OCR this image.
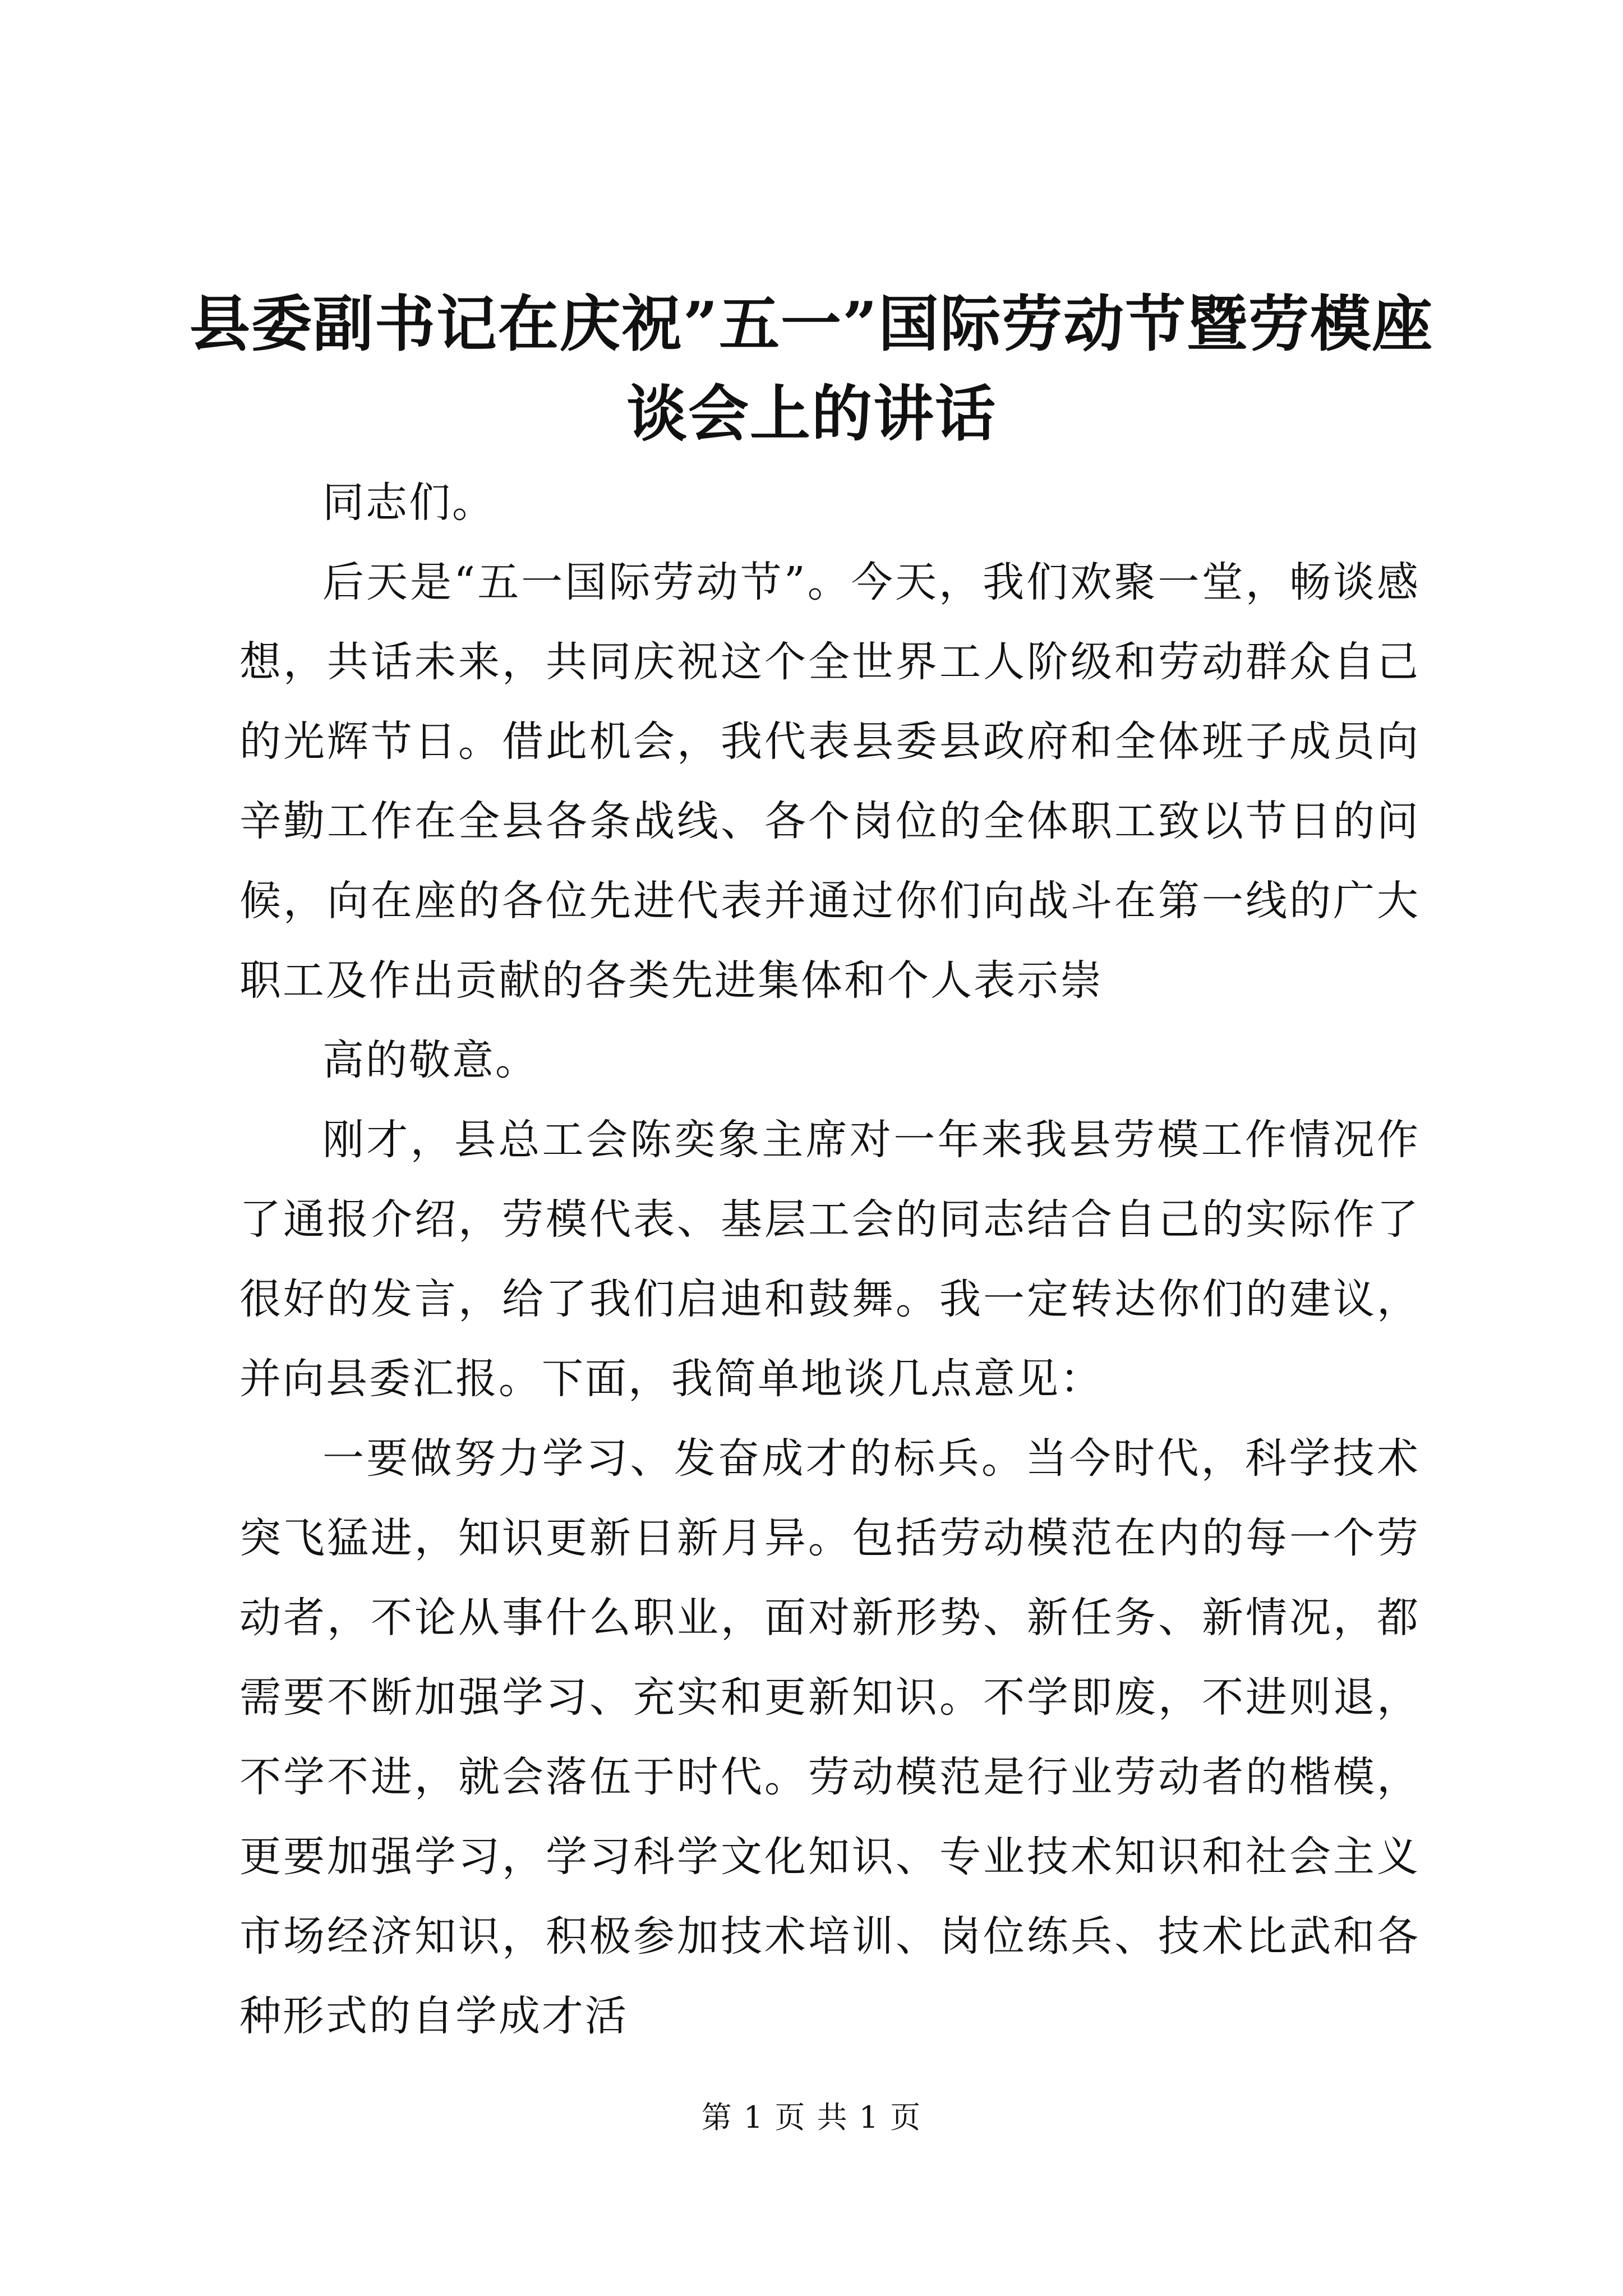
县委副书记在庆祝”五一”国际劳动节暨劳模座谈会上的讲话

同志们。

后天是“五一国际劳动节”。今天，我们欢聚一堂，畅谈感想，共话未来，共同庆祝这个全世界工人阶级和劳动群众自己的光辉节日。借此机会，我代表县委县政府和全体班子成员向辛勤工作在全县各条战线、各个岗位的全体职工致以节日的问候，向在座的各位先进代表并通过你们向战斗在第一线的广大职工及作出贡献的各类先进集体和个人表示崇

高的敬意。

刚才，县总工会陈奕象主席对一年来我县劳模工作情况作了通报介绍，劳模代表、基层工会的同志结合自己的实际作了很好的发言，给了我们启迪和鼓舞。我一定转达你们的建议，并向县委汇报。下面，我简单地谈几点意见：

一要做努力学习、发奋成才的标兵。当今时代，科学技术突飞猛进，知识更新日新月异。包括劳动模范在内的每一个劳动者，不论从事什么职业，面对新形势、新任务、新情况，都需要不断加强学习、充实和更新知识。不学即废，不进则退，不学不进，就会落伍于时代。劳动模范是行业劳动者的楷模，更要加强学习，学习科学文化知识、专业技术知识和社会主义市场经济知识，积极参加技术培训、岗位练兵、技术比武和各种形式的自学成才活

第 1 页 共 1 页
